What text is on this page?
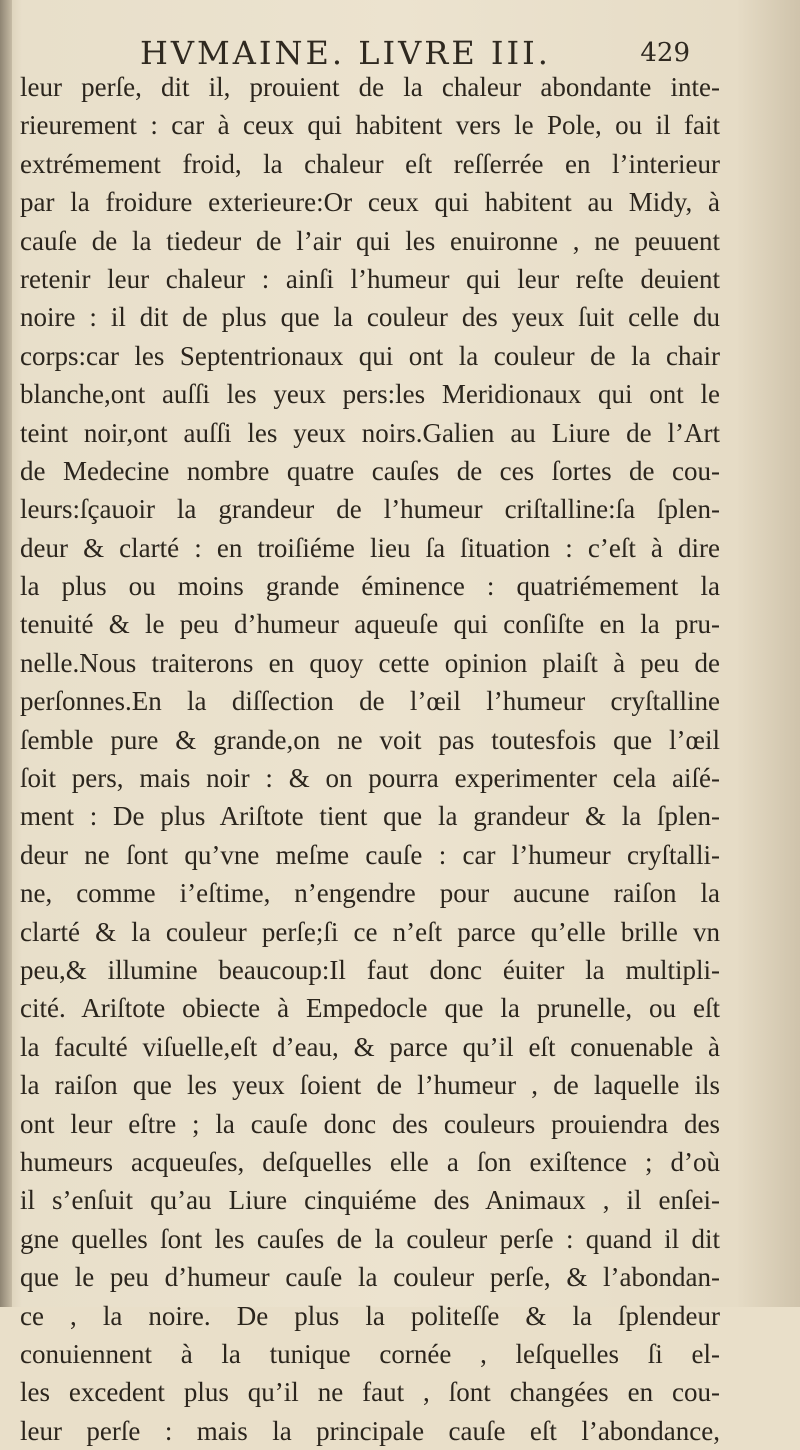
HVMAINE. LIVRE III.	429
leur perſe, dit il, prouient de la chaleur abondante inte-
rieurement : car à ceux qui habitent vers le Pole, ou il fait
extrémement froid, la chaleur eſt reſſerrée en l’interieur
par la froidure exterieure:Or ceux qui habitent au Midy, à
cauſe de la tiedeur de l’air qui les enuironne , ne peuuent
retenir leur chaleur : ainſi l’humeur qui leur reſte deuient
noire : il dit de plus que la couleur des yeux ſuit celle du
corps:car les Septentrionaux qui ont la couleur de la chair
blanche,ont auſſi les yeux pers:les Meridionaux qui ont le
teint noir,ont auſſi les yeux noirs.Galien au Liure de l’Art
de Medecine nombre quatre cauſes de ces ſortes de cou-
leurs:ſçauoir la grandeur de l’humeur criſtalline:ſa ſplen-
deur & clarté : en troiſiéme lieu ſa ſituation : c’eſt à dire
la plus ou moins grande éminence : quatriémement la
tenuité & le peu d’humeur aqueuſe qui conſiſte en la pru-
nelle.Nous traiterons en quoy cette opinion plaiſt à peu de
perſonnes.En la diſſection de l’œil l’humeur cryſtalline
ſemble pure & grande,on ne voit pas toutesfois que l’œil
ſoit pers, mais noir : & on pourra experimenter cela aiſé-
ment : De plus Ariſtote tient que la grandeur & la ſplen-
deur ne ſont qu’vne meſme cauſe : car l’humeur cryſtalli-
ne, comme i’eſtime, n’engendre pour aucune raiſon la
clarté & la couleur perſe;ſi ce n’eſt parce qu’elle brille vn
peu,& illumine beaucoup:Il faut donc éuiter la multipli-
cité. Ariſtote obiecte à Empedocle que la prunelle, ou eſt
la faculté viſuelle,eſt d’eau, & parce qu’il eſt conuenable à
la raiſon que les yeux ſoient de l’humeur , de laquelle ils
ont leur eſtre ; la cauſe donc des couleurs prouiendra des
humeurs acqueuſes, deſquelles elle a ſon exiſtence ; d’où
il s’enſuit qu’au Liure cinquiéme des Animaux , il enſei-
gne quelles ſont les cauſes de la couleur perſe : quand il dit
que le peu d’humeur cauſe la couleur perſe, & l’abondan-
ce , la noire. De plus la politeſſe & la ſplendeur
conuiennent à la tunique cornée , leſquelles ſi el-
les excedent plus qu’il ne faut , ſont changées en cou-
leur perſe : mais la principale cauſe eſt l’abondance,
